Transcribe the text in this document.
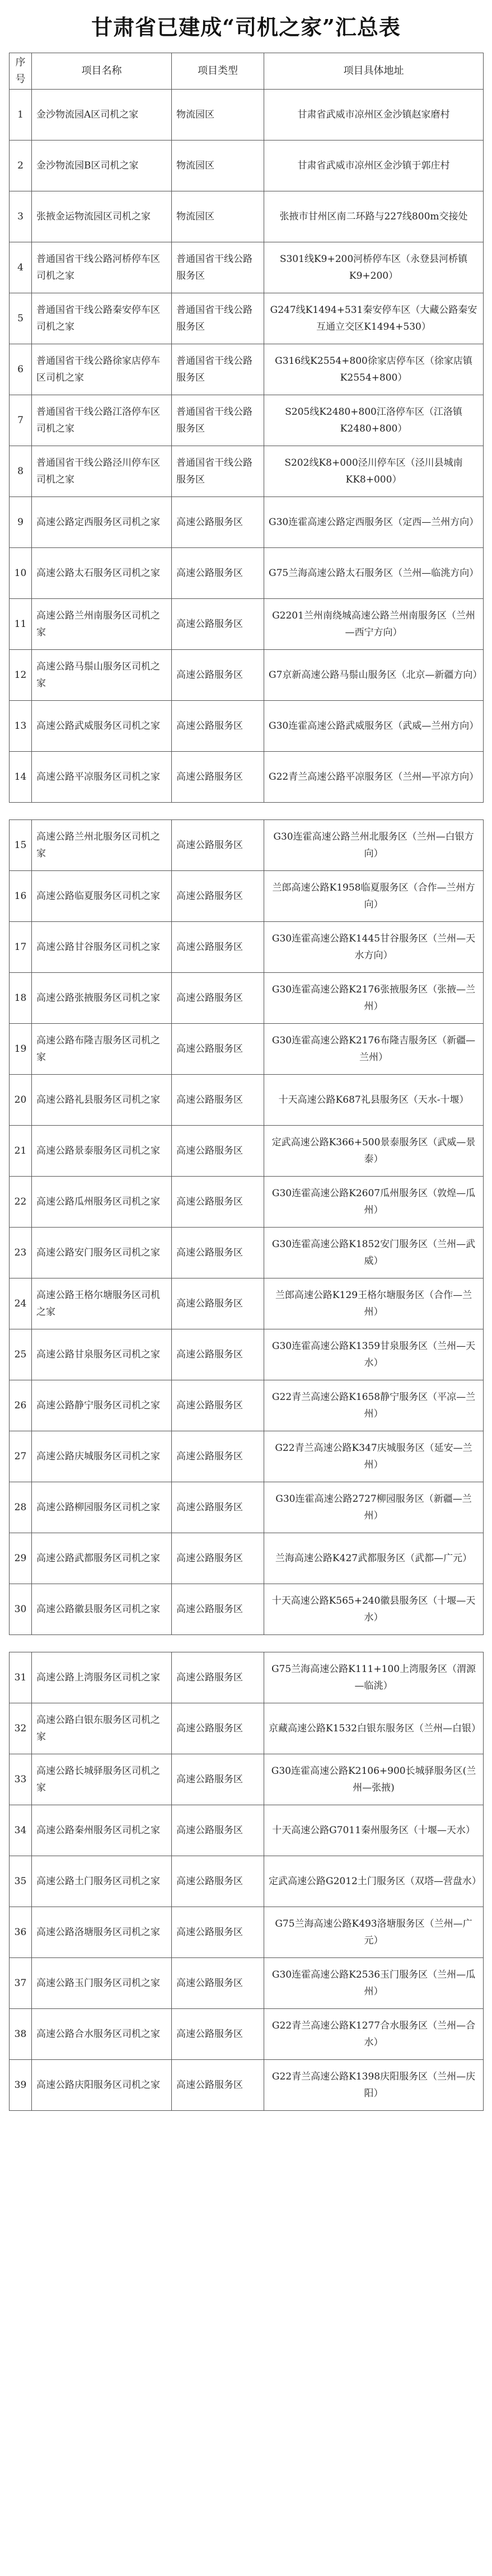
甘肃省已建成“司机之家”汇总表
序号	项目名称	项目类型	项目具体地址
1	金沙物流园A区司机之家	物流园区	甘肃省武威市凉州区金沙镇赵家磨村
2	金沙物流园B区司机之家	物流园区	甘肃省武威市凉州区金沙镇于郭庄村
3	张掖金运物流园区司机之家	物流园区	张掖市甘州区南二环路与227线800m交接处
4	普通国省干线公路河桥停车区司机之家	普通国省干线公路服务区	S301线K9+200河桥停车区（永登县河桥镇K9+200）
5	普通国省干线公路秦安停车区司机之家	普通国省干线公路服务区	G247线K1494+531秦安停车区（大藏公路秦安互通立交区K1494+530）
6	普通国省干线公路徐家店停车区司机之家	普通国省干线公路服务区	G316线K2554+800徐家店停车区（徐家店镇K2554+800）
7	普通国省干线公路江洛停车区司机之家	普通国省干线公路服务区	S205线K2480+800江洛停车区（江洛镇K2480+800）
8	普通国省干线公路泾川停车区司机之家	普通国省干线公路服务区	S202线K8+000泾川停车区（泾川县城南KK8+000）
9	高速公路定西服务区司机之家	高速公路服务区	G30连霍高速公路定西服务区（定西—兰州方向）
10	高速公路太石服务区司机之家	高速公路服务区	G75兰海高速公路太石服务区（兰州—临洮方向）
11	高速公路兰州南服务区司机之家	高速公路服务区	G2201兰州南绕城高速公路兰州南服务区（兰州—西宁方向）
12	高速公路马鬃山服务区司机之家	高速公路服务区	G7京新高速公路马鬃山服务区（北京—新疆方向）
13	高速公路武威服务区司机之家	高速公路服务区	G30连霍高速公路武威服务区（武威—兰州方向）
14	高速公路平凉服务区司机之家	高速公路服务区	G22青兰高速公路平凉服务区（兰州—平凉方向）
15	高速公路兰州北服务区司机之家	高速公路服务区	G30连霍高速公路兰州北服务区（兰州—白银方向）
16	高速公路临夏服务区司机之家	高速公路服务区	兰郎高速公路K1958临夏服务区（合作—兰州方向）
17	高速公路甘谷服务区司机之家	高速公路服务区	G30连霍高速公路K1445甘谷服务区（兰州—天水方向）
18	高速公路张掖服务区司机之家	高速公路服务区	G30连霍高速公路K2176张掖服务区（张掖—兰州）
19	高速公路布隆吉服务区司机之家	高速公路服务区	G30连霍高速公路K2176布隆吉服务区（新疆—兰州）
20	高速公路礼县服务区司机之家	高速公路服务区	十天高速公路K687礼县服务区（天水-十堰）
21	高速公路景泰服务区司机之家	高速公路服务区	定武高速公路K366+500景泰服务区（武威—景泰）
22	高速公路瓜州服务区司机之家	高速公路服务区	G30连霍高速公路K2607瓜州服务区（敦煌—瓜州）
23	高速公路安门服务区司机之家	高速公路服务区	G30连霍高速公路K1852安门服务区（兰州—武威）
24	高速公路王格尔塘服务区司机之家	高速公路服务区	兰郎高速公路K129王格尔塘服务区（合作—兰州）
25	高速公路甘泉服务区司机之家	高速公路服务区	G30连霍高速公路K1359甘泉服务区（兰州—天水）
26	高速公路静宁服务区司机之家	高速公路服务区	G22青兰高速公路K1658静宁服务区（平凉—兰州）
27	高速公路庆城服务区司机之家	高速公路服务区	G22青兰高速公路K347庆城服务区（延安—兰州）
28	高速公路柳园服务区司机之家	高速公路服务区	G30连霍高速公路2727柳园服务区（新疆—兰州）
29	高速公路武都服务区司机之家	高速公路服务区	兰海高速公路K427武都服务区（武都—广元）
30	高速公路徽县服务区司机之家	高速公路服务区	十天高速公路K565+240徽县服务区（十堰—天水）
31	高速公路上湾服务区司机之家	高速公路服务区	G75兰海高速公路K111+100上湾服务区（渭源—临洮）
32	高速公路白银东服务区司机之家	高速公路服务区	京藏高速公路K1532白银东服务区（兰州—白银）
33	高速公路长城驿服务区司机之家	高速公路服务区	G30连霍高速公路K2106+900长城驿服务区(兰州—张掖)
34	高速公路秦州服务区司机之家	高速公路服务区	十天高速公路G7011秦州服务区（十堰—天水）
35	高速公路土门服务区司机之家	高速公路服务区	定武高速公路G2012土门服务区（双塔—营盘水）
36	高速公路洛塘服务区司机之家	高速公路服务区	G75兰海高速公路K493洛塘服务区（兰州—广元）
37	高速公路玉门服务区司机之家	高速公路服务区	G30连霍高速公路K2536玉门服务区（兰州—瓜州）
38	高速公路合水服务区司机之家	高速公路服务区	G22青兰高速公路K1277合水服务区（兰州—合水）
39	高速公路庆阳服务区司机之家	高速公路服务区	G22青兰高速公路K1398庆阳服务区（兰州—庆阳）
